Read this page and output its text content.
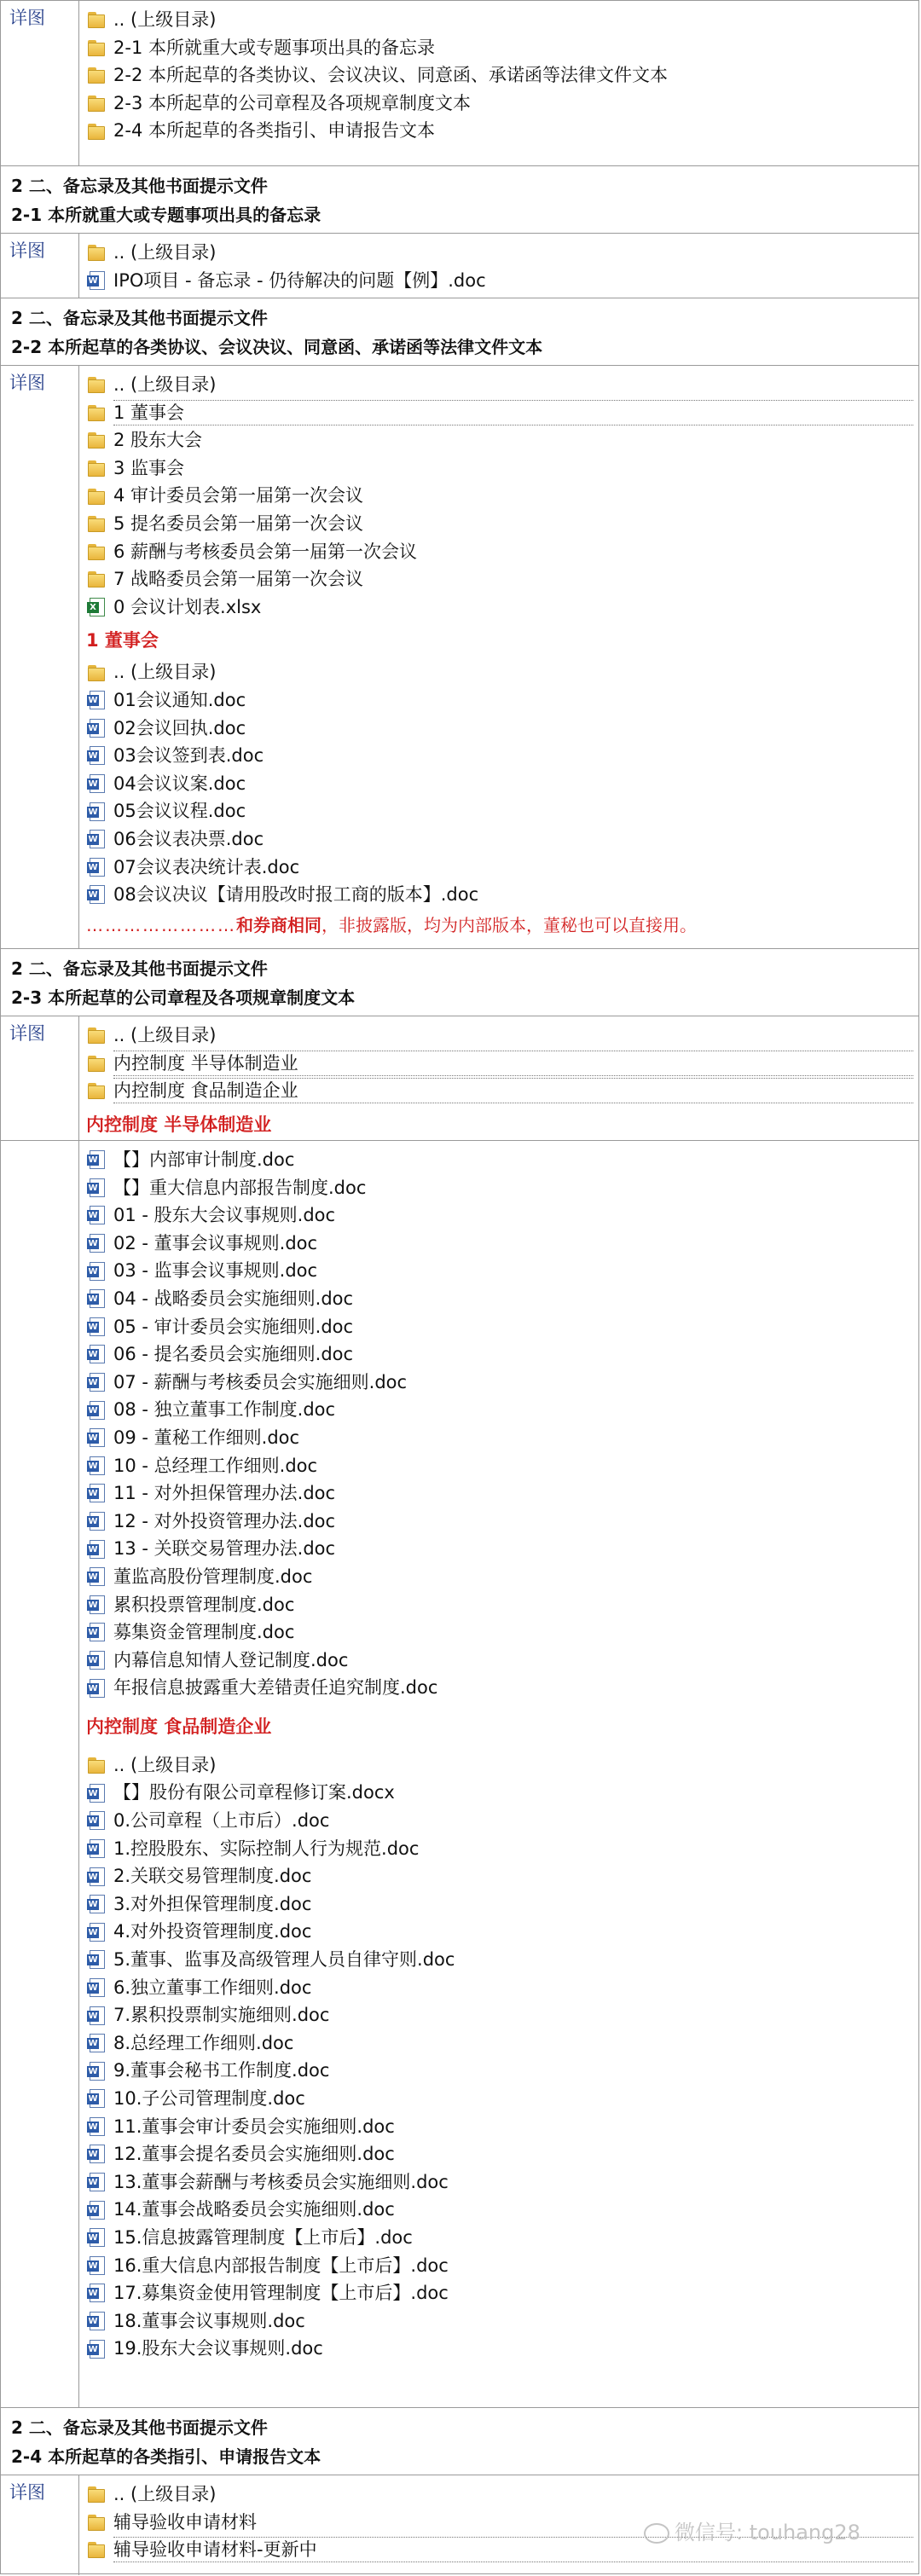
详图	.. (上级目录)
2-1 本所就重大或专题事项出具的备忘录
2-2 本所起草的各类协议、会议决议、同意函、承诺函等法律文件文本
2-3 本所起草的公司章程及各项规章制度文本
2-4 本所起草的各类指引、申请报告文本
2 二、备忘录及其他书面提示文件
2-1 本所就重大或专题事项出具的备忘录
详图	.. (上级目录)
W
IPO项目 - 备忘录 - 仍待解决的问题【例】.doc
2 二、备忘录及其他书面提示文件
2-2 本所起草的各类协议、会议决议、同意函、承诺函等法律文件文本
详图	.. (上级目录)
1 董事会
2 股东大会
3 监事会
4 审计委员会第一届第一次会议
5 提名委员会第一届第一次会议
6 薪酬与考核委员会第一届第一次会议
7 战略委员会第一届第一次会议
X
0 会议计划表.xlsx
1 董事会
.. (上级目录)
W
01会议通知.doc
W
02会议回执.doc
W
03会议签到表.doc
W
04会议议案.doc
W
05会议议程.doc
W
06会议表决票.doc
W
07会议表决统计表.doc
W
08会议决议【请用股改时报工商的版本】.doc
……………………和券商相同，非披露版，均为内部版本，董秘也可以直接用。
2 二、备忘录及其他书面提示文件
2-3 本所起草的公司章程及各项规章制度文本
详图	.. (上级目录)
内控制度 半导体制造业
内控制度 食品制造企业
内控制度 半导体制造业
W
【】内部审计制度.doc
W
【】重大信息内部报告制度.doc
W
01 - 股东大会议事规则.doc
W
02 - 董事会议事规则.doc
W
03 - 监事会议事规则.doc
W
04 - 战略委员会实施细则.doc
W
05 - 审计委员会实施细则.doc
W
06 - 提名委员会实施细则.doc
W
07 - 薪酬与考核委员会实施细则.doc
W
08 - 独立董事工作制度.doc
W
09 - 董秘工作细则.doc
W
10 - 总经理工作细则.doc
W
11 - 对外担保管理办法.doc
W
12 - 对外投资管理办法.doc
W
13 - 关联交易管理办法.doc
W
董监高股份管理制度.doc
W
累积投票管理制度.doc
W
募集资金管理制度.doc
W
内幕信息知情人登记制度.doc
W
年报信息披露重大差错责任追究制度.doc
内控制度 食品制造企业
.. (上级目录)
W
【】股份有限公司章程修订案.docx
W
0.公司章程（上市后）.doc
W
1.控股股东、实际控制人行为规范.doc
W
2.关联交易管理制度.doc
W
3.对外担保管理制度.doc
W
4.对外投资管理制度.doc
W
5.董事、监事及高级管理人员自律守则.doc
W
6.独立董事工作细则.doc
W
7.累积投票制实施细则.doc
W
8.总经理工作细则.doc
W
9.董事会秘书工作制度.doc
W
10.子公司管理制度.doc
W
11.董事会审计委员会实施细则.doc
W
12.董事会提名委员会实施细则.doc
W
13.董事会薪酬与考核委员会实施细则.doc
W
14.董事会战略委员会实施细则.doc
W
15.信息披露管理制度【上市后】.doc
W
16.重大信息内部报告制度【上市后】.doc
W
17.募集资金使用管理制度【上市后】.doc
W
18.董事会议事规则.doc
W
19.股东大会议事规则.doc
2 二、备忘录及其他书面提示文件
2-4 本所起草的各类指引、申请报告文本
详图	.. (上级目录)
辅导验收申请材料
辅导验收申请材料-更新中
微信号: touhang28
